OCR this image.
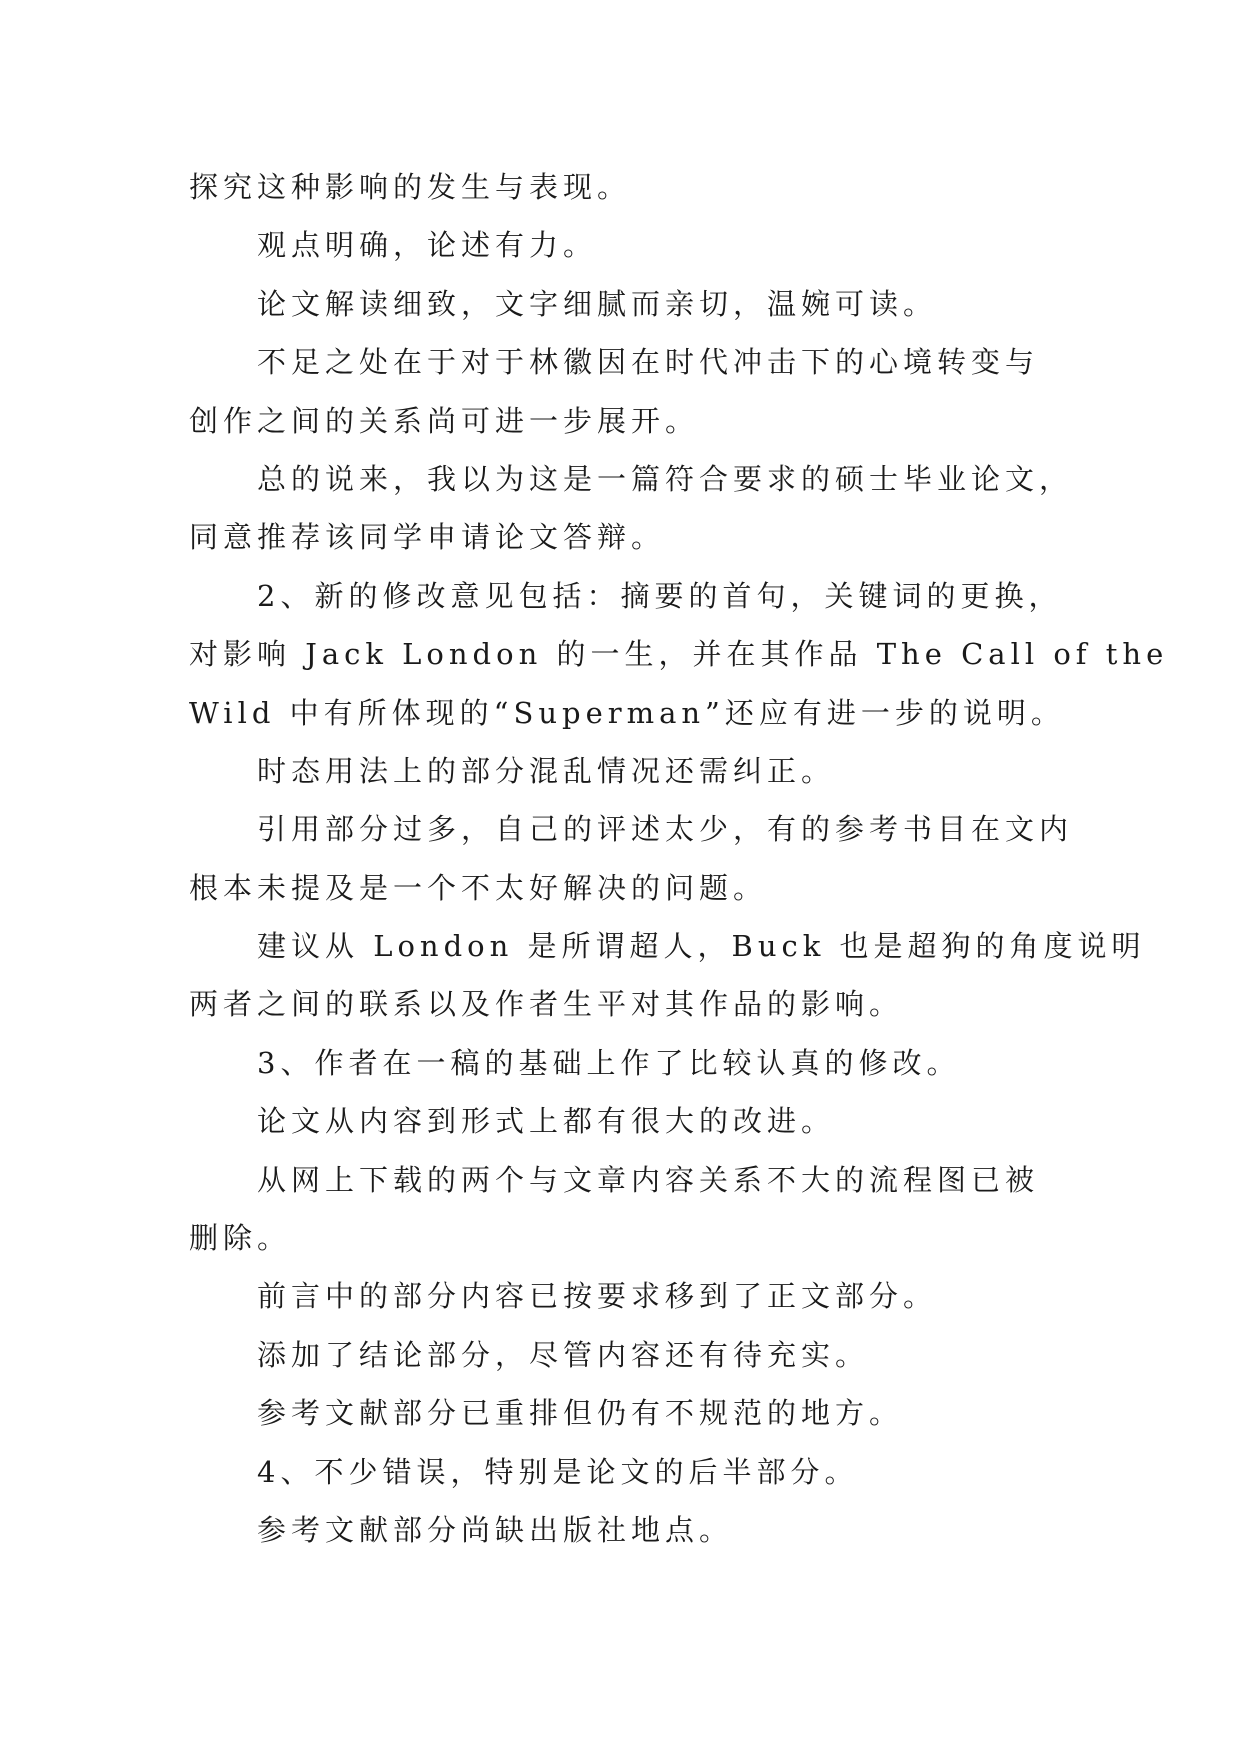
探究这种影响的发生与表现。
观点明确，论述有力。
论文解读细致，文字细腻而亲切，温婉可读。
不足之处在于对于林徽因在时代冲击下的心境转变与
创作之间的关系尚可进一步展开。
总的说来，我以为这是一篇符合要求的硕士毕业论文，
同意推荐该同学申请论文答辩。
2、新的修改意见包括：摘要的首句，关键词的更换，
对影响 Jack London 的一生，并在其作品 The Call of the
Wild 中有所体现的“Superman”还应有进一步的说明。
时态用法上的部分混乱情况还需纠正。
引用部分过多，自己的评述太少，有的参考书目在文内
根本未提及是一个不太好解决的问题。
建议从 London 是所谓超人，Buck 也是超狗的角度说明
两者之间的联系以及作者生平对其作品的影响。
3、作者在一稿的基础上作了比较认真的修改。
论文从内容到形式上都有很大的改进。
从网上下载的两个与文章内容关系不大的流程图已被
删除。
前言中的部分内容已按要求移到了正文部分。
添加了结论部分，尽管内容还有待充实。
参考文献部分已重排但仍有不规范的地方。
4、不少错误，特别是论文的后半部分。
参考文献部分尚缺出版社地点。
